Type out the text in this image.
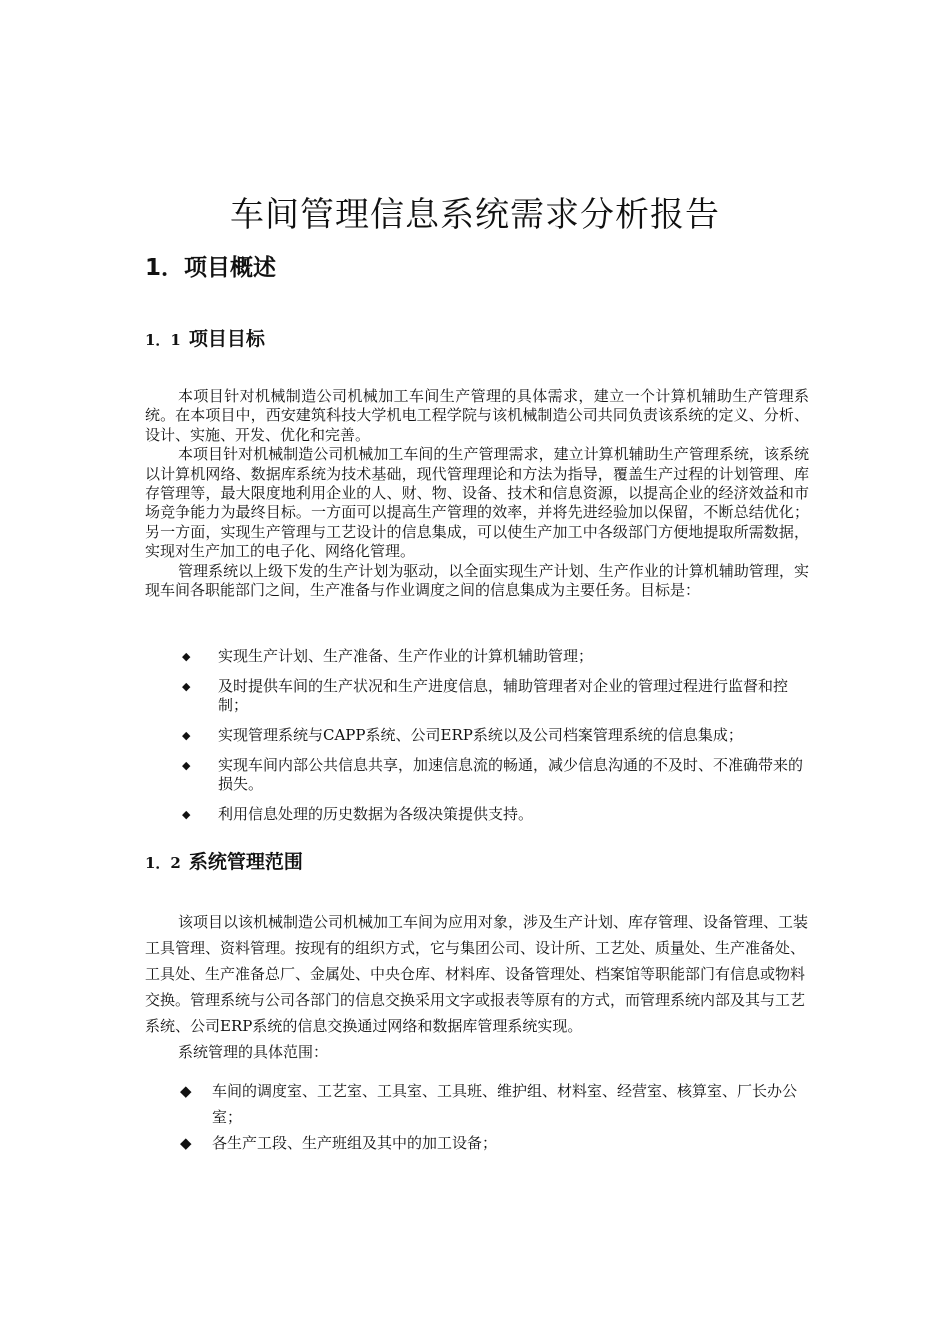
车间管理信息系统需求分析报告
1．项目概述
1．1 项目目标

本项目针对机械制造公司机械加工车间生产管理的具体需求，建立一个计算机辅助生产管理系统。在本项目中，西安建筑科技大学机电工程学院与该机械制造公司共同负责该系统的定义、分析、设计、实施、开发、优化和完善。

本项目针对机械制造公司机械加工车间的生产管理需求，建立计算机辅助生产管理系统，该系统以计算机网络、数据库系统为技术基础，现代管理理论和方法为指导，覆盖生产过程的计划管理、库存管理等，最大限度地利用企业的人、财、物、设备、技术和信息资源，以提高企业的经济效益和市场竞争能力为最终目标。一方面可以提高生产管理的效率，并将先进经验加以保留，不断总结优化；另一方面，实现生产管理与工艺设计的信息集成，可以使生产加工中各级部门方便地提取所需数据，实现对生产加工的电子化、网络化管理。

管理系统以上级下发的生产计划为驱动，以全面实现生产计划、生产作业的计算机辅助管理，实现车间各职能部门之间，生产准备与作业调度之间的信息集成为主要任务。目标是：

◆ 实现生产计划、生产准备、生产作业的计算机辅助管理；
◆ 及时提供车间的生产状况和生产进度信息，辅助管理者对企业的管理过程进行监督和控制；
◆ 实现管理系统与CAPP系统、公司ERP系统以及公司档案管理系统的信息集成；
◆ 实现车间内部公共信息共享，加速信息流的畅通，减少信息沟通的不及时、不准确带来的损失。
◆ 利用信息处理的历史数据为各级决策提供支持。
1．2 系统管理范围

该项目以该机械制造公司机械加工车间为应用对象，涉及生产计划、库存管理、设备管理、工装工具管理、资料管理。按现有的组织方式，它与集团公司、设计所、工艺处、质量处、生产准备处、工具处、生产准备总厂、金属处、中央仓库、材料库、设备管理处、档案馆等职能部门有信息或物料交换。管理系统与公司各部门的信息交换采用文字或报表等原有的方式，而管理系统内部及其与工艺系统、公司ERP系统的信息交换通过网络和数据库管理系统实现。

系统管理的具体范围：

◆ 车间的调度室、工艺室、工具室、工具班、维护组、材料室、经营室、核算室、厂长办公室；
◆ 各生产工段、生产班组及其中的加工设备；
